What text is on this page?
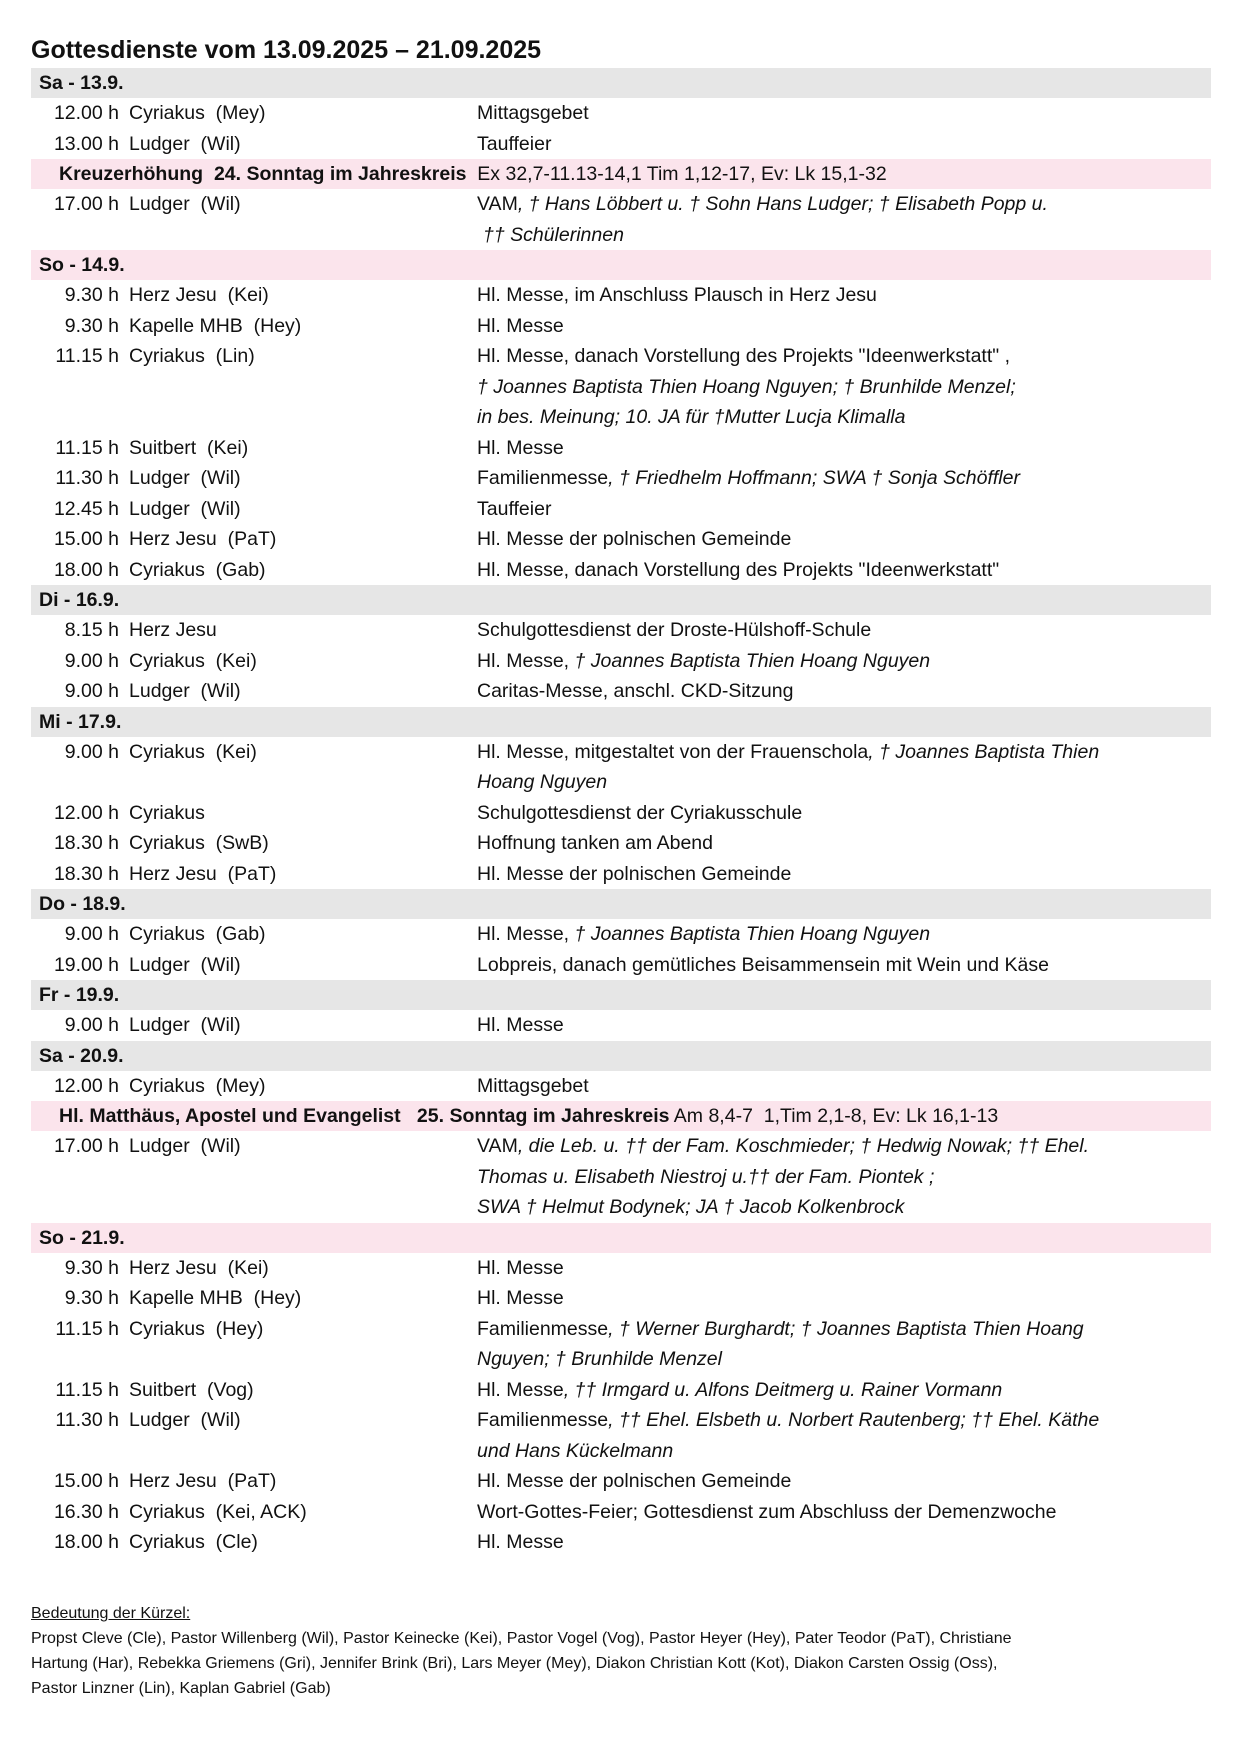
Gottesdienste vom 13.09.2025 – 21.09.2025
Sa - 13.9.
12.00 h Cyriakus  (Mey)	Mittagsgebet
13.00 h Ludger  (Wil)	Tauffeier
Kreuzerhöhung 24. Sonntag im Jahreskreis  Ex 32,7-11.13-14,1 Tim 1,12-17, Ev: Lk 15,1-32
17.00 h Ludger  (Wil)	VAM, † Hans Löbbert u. † Sohn Hans Ludger; † Elisabeth Popp u.
†† Schülerinnen
So - 14.9.
9.30 h Herz Jesu  (Kei)	Hl. Messe, im Anschluss Plausch in Herz Jesu
9.30 h Kapelle MHB  (Hey)	Hl. Messe
11.15 h Cyriakus  (Lin)	Hl. Messe, danach Vorstellung des Projekts "Ideenwerkstatt" ,
† Joannes Baptista Thien Hoang Nguyen; † Brunhilde Menzel;
in bes. Meinung; 10. JA für †Mutter Lucja Klimalla
11.15 h Suitbert  (Kei)	Hl. Messe
11.30 h Ludger  (Wil)	Familienmesse, † Friedhelm Hoffmann; SWA † Sonja Schöffler
12.45 h Ludger  (Wil)	Tauffeier
15.00 h Herz Jesu  (PaT)	Hl. Messe der polnischen Gemeinde
18.00 h Cyriakus  (Gab)	Hl. Messe, danach Vorstellung des Projekts "Ideenwerkstatt"
Di - 16.9.
8.15 h Herz Jesu	Schulgottesdienst der Droste-Hülshoff-Schule
9.00 h Cyriakus  (Kei)	Hl. Messe, † Joannes Baptista Thien Hoang Nguyen
9.00 h Ludger  (Wil)	Caritas-Messe, anschl. CKD-Sitzung
Mi - 17.9.
9.00 h Cyriakus  (Kei)	Hl. Messe, mitgestaltet von der Frauenschola, † Joannes Baptista Thien
Hoang Nguyen
12.00 h Cyriakus	Schulgottesdienst der Cyriakusschule
18.30 h Cyriakus  (SwB)	Hoffnung tanken am Abend
18.30 h Herz Jesu  (PaT)	Hl. Messe der polnischen Gemeinde
Do - 18.9.
9.00 h Cyriakus  (Gab)	Hl. Messe, † Joannes Baptista Thien Hoang Nguyen
19.00 h Ludger  (Wil)	Lobpreis, danach gemütliches Beisammensein mit Wein und Käse
Fr - 19.9.
9.00 h Ludger  (Wil)	Hl. Messe
Sa - 20.9.
12.00 h Cyriakus  (Mey)	Mittagsgebet
Hl. Matthäus, Apostel und Evangelist 25. Sonntag im Jahreskreis Am 8,4-7  1,Tim 2,1-8, Ev: Lk 16,1-13
17.00 h Ludger  (Wil)	VAM, die Leb. u. †† der Fam. Koschmieder; † Hedwig Nowak; †† Ehel.
Thomas u. Elisabeth Niestroj u.†† der Fam. Piontek ;
SWA † Helmut Bodynek; JA † Jacob Kolkenbrock
So - 21.9.
9.30 h Herz Jesu  (Kei)	Hl. Messe
9.30 h Kapelle MHB  (Hey)	Hl. Messe
11.15 h Cyriakus  (Hey)	Familienmesse, † Werner Burghardt; † Joannes Baptista Thien Hoang
Nguyen; † Brunhilde Menzel
11.15 h Suitbert  (Vog)	Hl. Messe, †† Irmgard u. Alfons Deitmerg u. Rainer Vormann
11.30 h Ludger  (Wil)	Familienmesse, †† Ehel. Elsbeth u. Norbert Rautenberg; †† Ehel. Käthe
und Hans Kückelmann
15.00 h Herz Jesu  (PaT)	Hl. Messe der polnischen Gemeinde
16.30 h Cyriakus  (Kei, ACK)	Wort-Gottes-Feier; Gottesdienst zum Abschluss der Demenzwoche
18.00 h Cyriakus  (Cle)	Hl. Messe
Bedeutung der Kürzel:
Propst Cleve (Cle), Pastor Willenberg (Wil), Pastor Keinecke (Kei), Pastor Vogel (Vog), Pastor Heyer (Hey), Pater Teodor (PaT), Christiane
Hartung (Har), Rebekka Griemens (Gri), Jennifer Brink (Bri), Lars Meyer (Mey), Diakon Christian Kott (Kot), Diakon Carsten Ossig (Oss),
Pastor Linzner (Lin), Kaplan Gabriel (Gab)
